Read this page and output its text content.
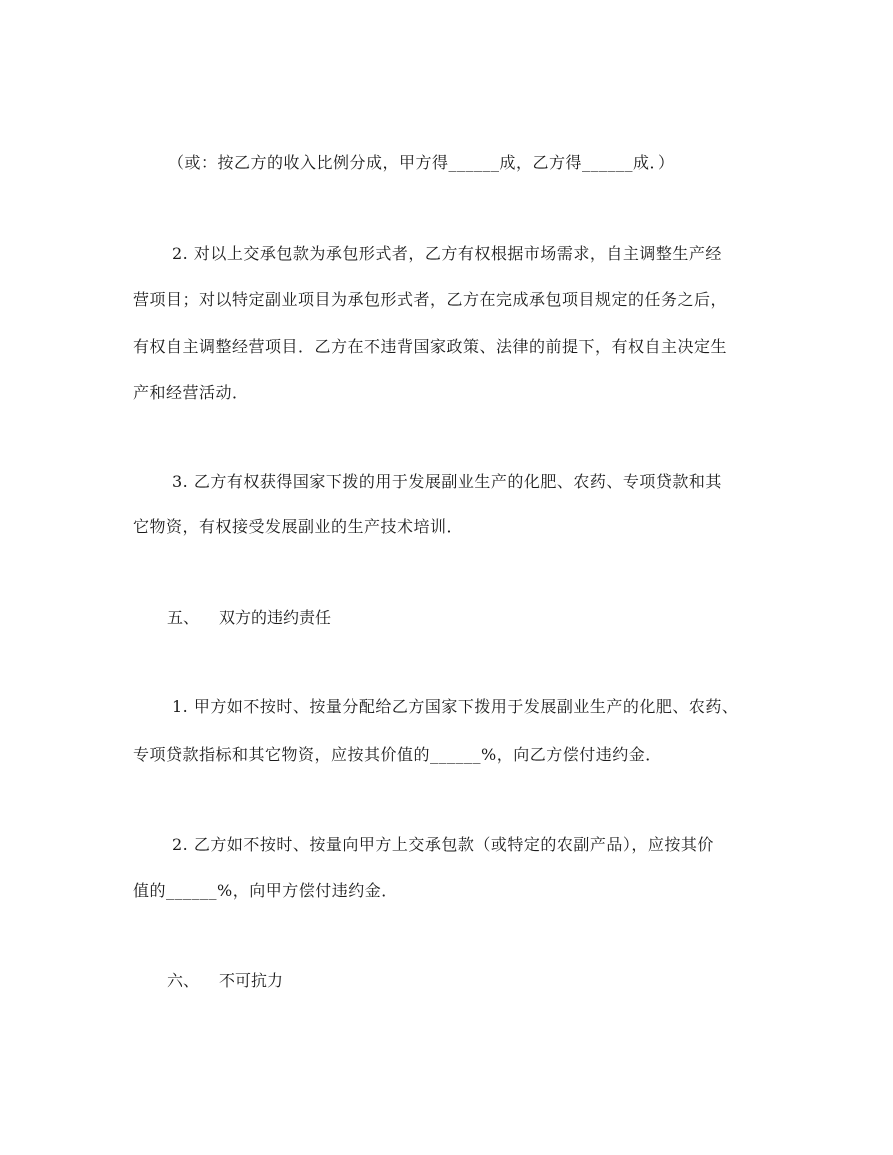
（或：按乙方的收入比例分成，甲方得______成，乙方得______成．）
2. 对以上交承包款为承包形式者，乙方有权根据市场需求，自主调整生产经
营项目；对以特定副业项目为承包形式者，乙方在完成承包项目规定的任务之后，
有权自主调整经营项目．乙方在不违背国家政策、法律的前提下，有权自主决定生
产和经营活动．
3. 乙方有权获得国家下拨的用于发展副业生产的化肥、农药、专项贷款和其
它物资，有权接受发展副业的生产技术培训．
五、 双方的违约责任
1. 甲方如不按时、按量分配给乙方国家下拨用于发展副业生产的化肥、农药、
专项贷款指标和其它物资，应按其价值的______%，向乙方偿付违约金．
2. 乙方如不按时、按量向甲方上交承包款（或特定的农副产品），应按其价
值的______%，向甲方偿付违约金．
六、 不可抗力
